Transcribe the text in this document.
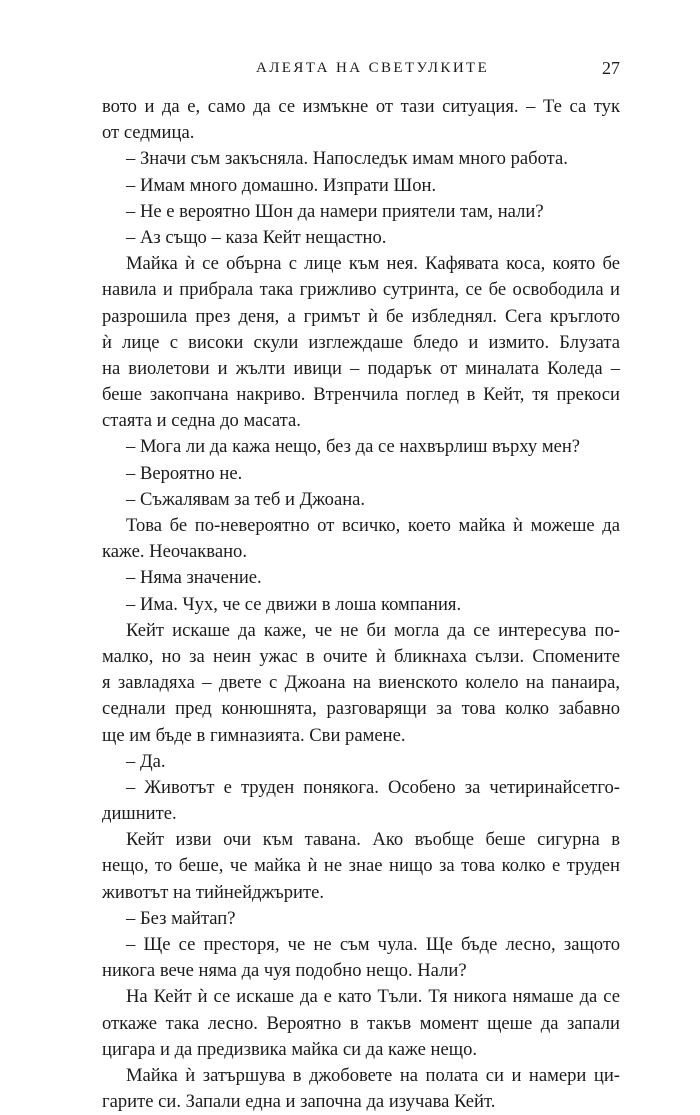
АЛЕЯТА НА СВЕТУЛКИТЕ	27
вото и да е, само да се измъкне от тази ситуация. – Те са тук
от седмица.
– Значи съм закъсняла. Напоследък имам много работа.
– Имам много домашно. Изпрати Шон.
– Не е вероятно Шон да намери приятели там, нали?
– Аз също – каза Кейт нещастно.
Майка ѝ се обърна с лице към нея. Кафявата коса, която бе
навила и прибрала така грижливо сутринта, се бе освободила и
разрошила през деня, а гримът ѝ бе избледнял. Сега кръглото
ѝ лице с високи скули изглеждаше бледо и измито. Блузата
на виолетови и жълти ивици – подарък от миналата Коледа –
беше закопчана накриво. Втренчила поглед в Кейт, тя прекоси
стаята и седна до масата.
– Мога ли да кажа нещо, без да се нахвърлиш върху мен?
– Вероятно не.
– Съжалявам за теб и Джоана.
Това бе по-невероятно от всичко, което майка ѝ можеше да
каже. Неочаквано.
– Няма значение.
– Има. Чух, че се движи в лоша компания.
Кейт искаше да каже, че не би могла да се интересува по-
малко, но за неин ужас в очите ѝ бликнаха сълзи. Спомените
я завладяха – двете с Джоана на виенското колело на панаира,
седнали пред конюшнята, разговарящи за това колко забавно
ще им бъде в гимназията. Сви рамене.
– Да.
– Животът е труден понякога. Особено за четиринайсетго-
дишните.
Кейт изви очи към тавана. Ако въобще беше сигурна в
нещо, то беше, че майка ѝ не знае нищо за това колко е труден
животът на тийнейджърите.
– Без майтап?
– Ще се престоря, че не съм чула. Ще бъде лесно, защото
никога вече няма да чуя подобно нещо. Нали?
На Кейт ѝ се искаше да е като Тъли. Тя никога нямаше да се
откаже така лесно. Вероятно в такъв момент щеше да запали
цигара и да предизвика майка си да каже нещо.
Майка ѝ затършува в джобовете на полата си и намери ци-
гарите си. Запали една и започна да изучава Кейт.
